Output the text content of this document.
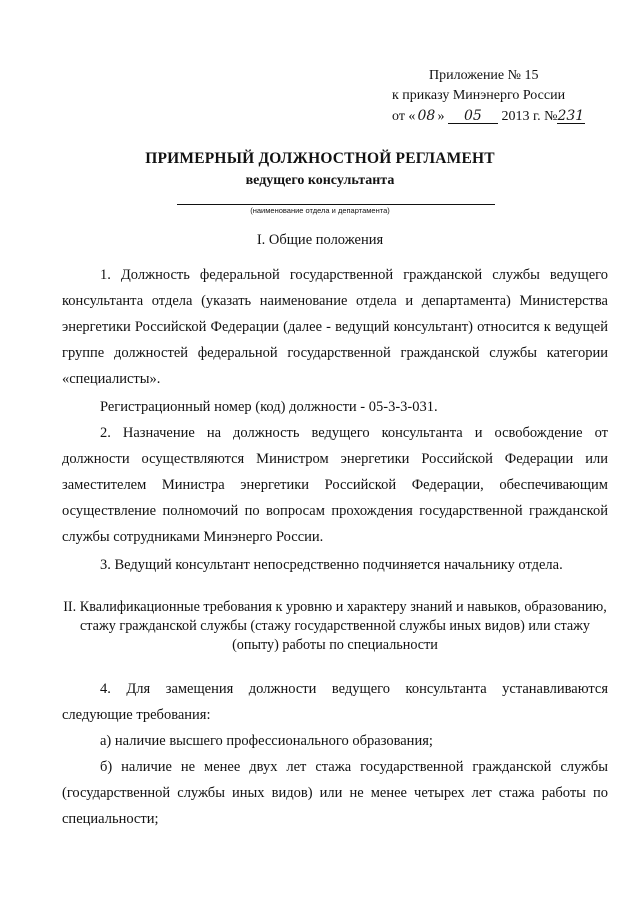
Приложение № 15
к приказу Минэнерго России
от « 08 » 05 2013 г. №231
ПРИМЕРНЫЙ ДОЛЖНОСТНОЙ РЕГЛАМЕНТ
ведущего консультанта
(наименование отдела и департамента)
I. Общие положения
1. Должность федеральной государственной гражданской службы ведущего консультанта отдела (указать наименование отдела и департамента) Министерства энергетики Российской Федерации (далее - ведущий консультант) относится к ведущей группе должностей федеральной государственной гражданской службы категории «специалисты».
Регистрационный номер (код) должности - 05-3-3-031.
2. Назначение на должность ведущего консультанта и освобождение от должности осуществляются Министром энергетики Российской Федерации или заместителем Министра энергетики Российской Федерации, обеспечивающим осуществление полномочий по вопросам прохождения государственной гражданской службы сотрудниками Минэнерго России.
3. Ведущий консультант непосредственно подчиняется начальнику отдела.
II. Квалификационные требования к уровню и характеру знаний и навыков, образованию, стажу гражданской службы (стажу государственной службы иных видов) или стажу (опыту) работы по специальности
4. Для замещения должности ведущего консультанта устанавливаются следующие требования:
а) наличие высшего профессионального образования;
б) наличие не менее двух лет стажа государственной гражданской службы (государственной службы иных видов) или не менее четырех лет стажа работы по специальности;
